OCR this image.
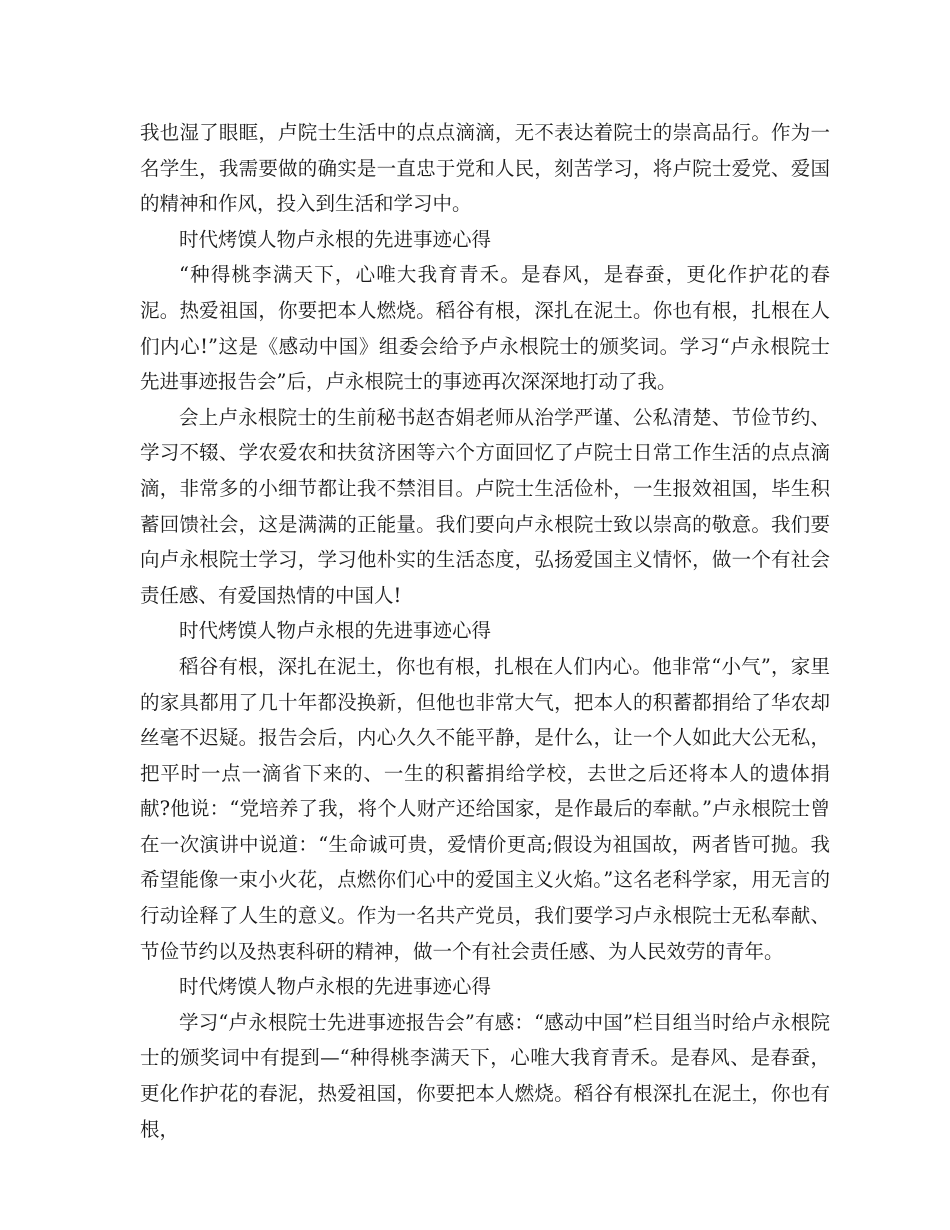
我也湿了眼眶，卢院士生活中的点点滴滴，无不表达着院士的崇高品行。作为一名学生，我需要做的确实是一直忠于党和人民，刻苦学习，将卢院士爱党、爱国的精神和作风，投入到生活和学习中。

时代烤馍人物卢永根的先进事迹心得

“种得桃李满天下，心唯大我育青禾。是春风，是春蚕，更化作护花的春泥。热爱祖国，你要把本人燃烧。稻谷有根，深扎在泥土。你也有根，扎根在人们内心!”这是《感动中国》组委会给予卢永根院士的颁奖词。学习“卢永根院士先进事迹报告会”后，卢永根院士的事迹再次深深地打动了我。

会上卢永根院士的生前秘书赵杏娟老师从治学严谨、公私清楚、节俭节约、学习不辍、学农爱农和扶贫济困等六个方面回忆了卢院士日常工作生活的点点滴滴，非常多的小细节都让我不禁泪目。卢院士生活俭朴，一生报效祖国，毕生积蓄回馈社会，这是满满的正能量。我们要向卢永根院士致以崇高的敬意。我们要向卢永根院士学习，学习他朴实的生活态度，弘扬爱国主义情怀，做一个有社会责任感、有爱国热情的中国人!

时代烤馍人物卢永根的先进事迹心得

稻谷有根，深扎在泥土，你也有根，扎根在人们内心。他非常“小气”，家里的家具都用了几十年都没换新，但他也非常大气，把本人的积蓄都捐给了华农却丝毫不迟疑。报告会后，内心久久不能平静，是什么，让一个人如此大公无私，把平时一点一滴省下来的、一生的积蓄捐给学校，去世之后还将本人的遗体捐献?他说：“党培养了我，将个人财产还给国家，是作最后的奉献。”卢永根院士曾在一次演讲中说道：“生命诚可贵，爱情价更高;假设为祖国故，两者皆可抛。我希望能像一束小火花，点燃你们心中的爱国主义火焰。”这名老科学家，用无言的行动诠释了人生的意义。作为一名共产党员，我们要学习卢永根院士无私奉献、节俭节约以及热衷科研的精神，做一个有社会责任感、为人民效劳的青年。

时代烤馍人物卢永根的先进事迹心得

学习“卢永根院士先进事迹报告会”有感：“感动中国”栏目组当时给卢永根院士的颁奖词中有提到—“种得桃李满天下，心唯大我育青禾。是春风、是春蚕，更化作护花的春泥，热爱祖国，你要把本人燃烧。稻谷有根深扎在泥土，你也有根，
